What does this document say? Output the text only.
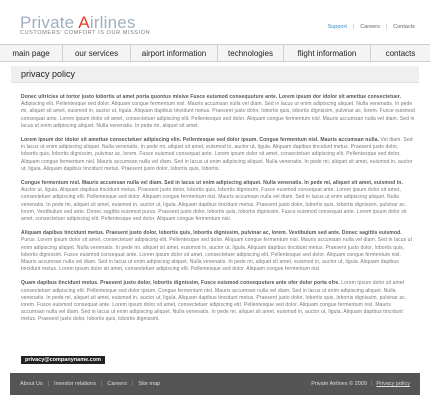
Private Airlines
CUSTOMERS' COMFORT IS OUR MISSION
Support | Careers | Contacts
main page	our services	airport information	technologies	flight information	contacts
privacy policy

Donec ultricies ut tortor justo lobortis ut amet porta quontus misive Fusce euismod consequuture ante. Lorem ipsum dor idolor sit amettue consectetuer. Adipiscing elit. Pellentesque sed dolor. Aliquam congue fermentum nisl. Mauris accumsan nulla vel diam. Sed in lacus ut enim adipiscing aliquet. Nulla venenatis. In pede mi, aliquet sit amet, euismod in, auctor ut, ligula. Aliquam dapibus tincidunt metus. Praesent justo dolor, lobortis quis, lobortis dignissim, pulvinar ac, lorem. Fusce euismod consequat ante. Lorem ipsum dolor sit amet, consectetuer adipiscing elit. Pellentesque sed dolor. Aliquam congue fermentum nisl. Mauris accumsan nulla vel diam. Sed in lacus ut enim adipiscing aliquet. Nulla venenatis. In pede mi, aliquet sit amet.

Lorem ipsum dor idolor sit amettue consectetuer adipiscing elin. Pellentesque sed dolor ipsum. Congue fermentum nisl. Mauris accumsan nulla. Vel diam. Sed in lacus ut enim adipiscing aliquet. Nulla venenatis. In pede mi, aliquet sit amet, euismod in, auctor ut, ligula. Aliquam dapibus tincidunt metus. Praesent justo dolor, lobortis quis, lobortis dignissim, pulvinar ac, lorem. Fusce euismod consequat ante. Lorem ipsum dolor sit amet, consectetuer adipiscing elit. Pellentesque sed dolor. Aliquam congue fermentum nisl. Mauris accumsan nulla vel diam. Sed in lacus ut enim adipiscing aliquet. Nulla venenatis. In pede mi, aliquet sit amet, euismod in, auctor ut, ligula. Aliquam dapibus tincidunt metus. Praesent justo dolor, lobortis quis, lobortis.

Congue fermentum nisl. Mauris accumsan nulla vel diam. Sed in lacus ut enim adipiscing aliquet. Nulla venenatis. In pede mi, aliquet sit amet, euismod in. Auctor ut, ligula. Aliquam dapibus tincidunt metus. Praesent justo dolor, lobortis quis, lobortis dignissim. Fusce euismod consequat ante. Lorem ipsum dolor sit amet, consectetuer adipiscing elit. Pellentesque sed dolor. Aliquam congue fermentum nisl. Mauris accumsan nulla vel diam. Sed in lacus ut enim adipiscing aliquet. Nulla venenatis. In pede mi, aliquet sit amet, euismod in, auctor ut, ligula. Aliquam dapibus tincidunt metus. Praesent justo dolor, lobortis quis, lobortis dignissim, pulvinar ac, lorem. Vestibulum sed ante. Donec sagittis euismod purus. Praesent justo dolor, lobortis quis, lobortis dignissim. Fusce euismod consequat ante. Lorem ipsum dolor sit amet, consectetuer adipiscing elit. Pellentesque sed dolor. Aliquam congue fermentum nisl.

Aliquam dapibus tincidunt metus. Praesent justo dolor, lobortis quis, lobortis dignissim, pulvinar ac, lorem. Vestibulum sed ante. Donec sagittis euismod. Purus. Lorem ipsum dolor sit amet, consectetuer adipiscing elit. Pellentesque sed dolor. Aliquam congue fermentum nisl. Mauris accumsan nulla vel diam. Sed in lacus ut enim adipiscing aliquet. Nulla venenatis. In pede mi, aliquet sit amet, euismod in, auctor ut, ligula. Aliquam dapibus tincidunt metus. Praesent justo dolor, lobortis quis, lobortis dignissim. Fusce euismod consequat ante. Lorem ipsum dolor sit amet, consectetuer adipiscing elit. Pellentesque sed dolor. Aliquam congue fermentum nisl. Mauris accumsan nulla vel diam. Sed in lacus ut enim adipiscing aliquet. Nulla venenatis. In pede mi, aliquet sit amet, euismod in, auctor ut, ligula. Aliquam dapibus tincidunt metus. Lorem ipsum dolor sit amet, consectetuer adipiscing elit. Pellentesque sed dolor. Aliquam congue fermentum nisl.

Quam dapibus tincidunt metus. Praesent justo dolor, lobortis dignissim, Fusce euismod consequuture ante ofer dolor porta ofre. Lorem ipsum dolor sit amet consectetuer adipiscing elit. Pellentesque sed dolor ipsum. Congue fermentum nisl. Mauris accumsan nulla vel diam. Sed in lacus ut enim adipiscing aliquet. Nulla venenatis. In pede mi, aliquet sit amet, euismod in, auctor ut, ligula. Aliquam dapibus tincidunt metus. Praesent justo dolor, lobortis quis, lobortis dignissim, pulvinar ac, lorem. Fusce euismod consequat ante. Lorem ipsum dolor sit amet, consectetuer adipiscing elit. Pellentesque sed dolor. Aliquam congue fermentum nisl. Mauris accumsan nulla vel diam. Sed in lacus ut enim adipiscing aliquet. Nulla venenatis. In pede mi, aliquet sit amet, euismod in, auctor ut, ligula. Aliquam dapibus tincidunt metus. Praesent justo dolor, lobortis quis, lobortis dignissim.

privacy@companyname.com
About Us | Investor relations | Careers | Site map	Private Airlines © 2009 | Privacy policy
